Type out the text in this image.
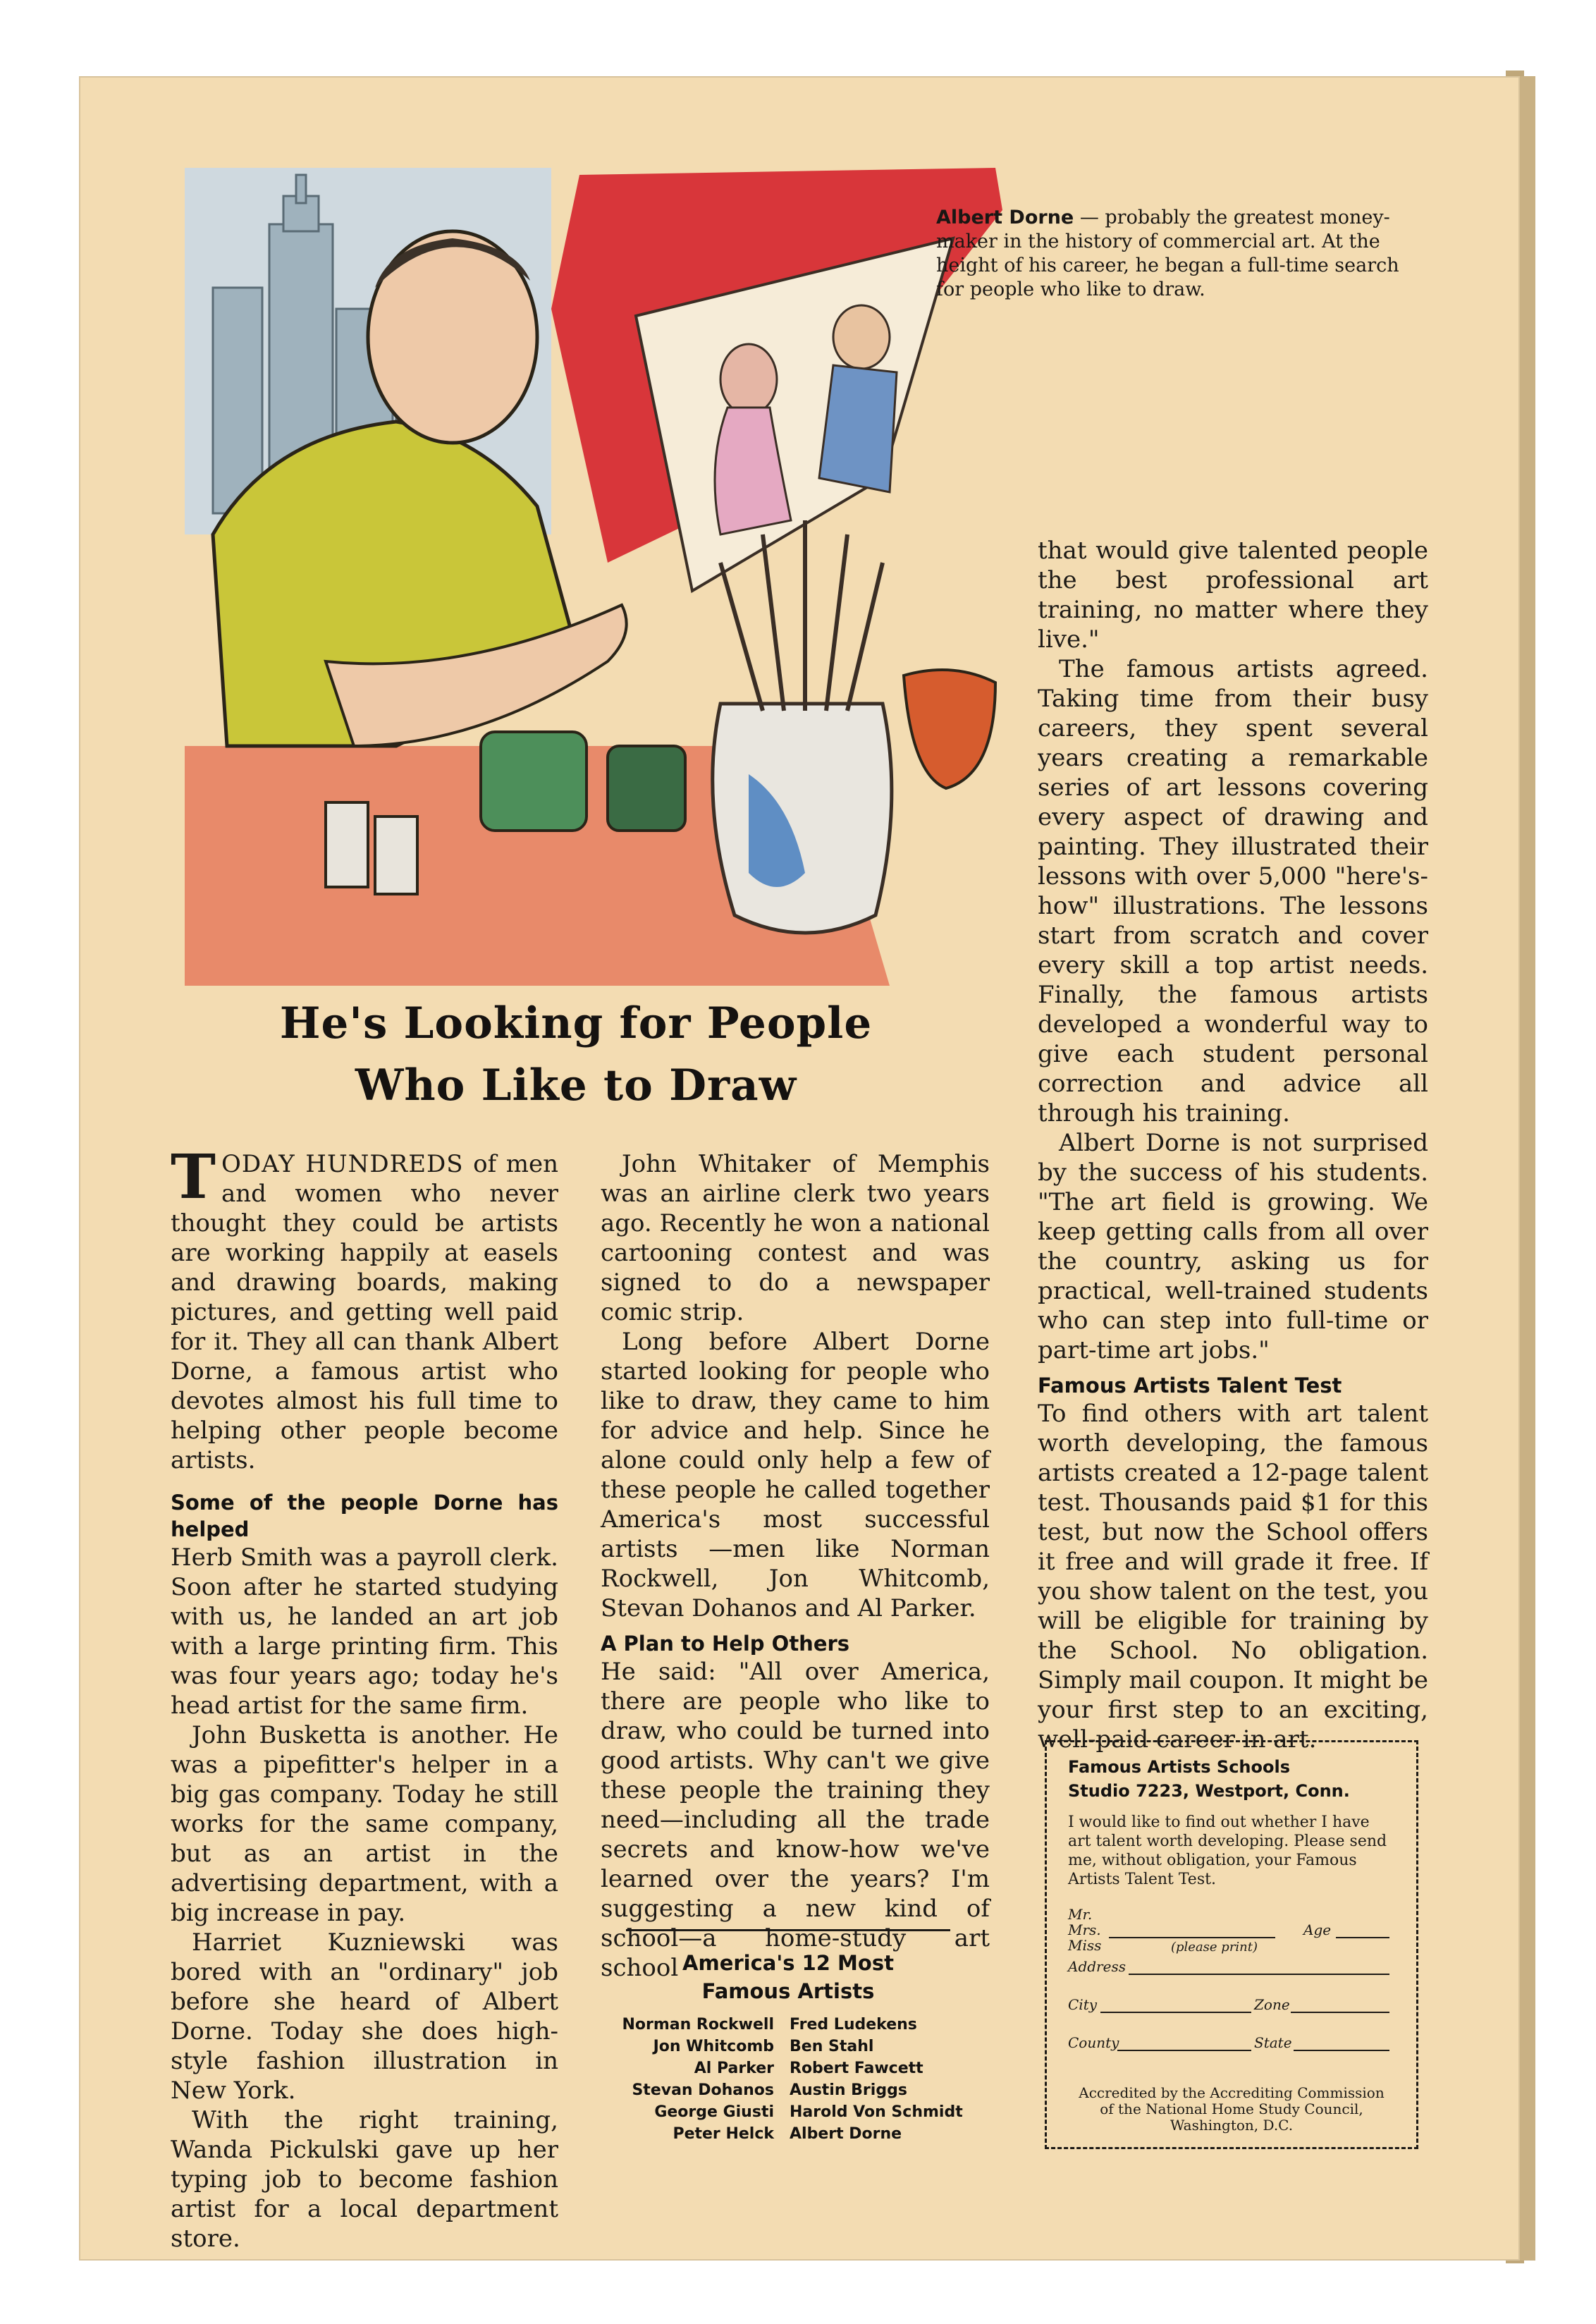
Albert Dorne — probably the greatest money-maker in the history of commercial art. At the height of his career, he began a full-time search for people who like to draw.
He's Looking for People
Who Like to Draw

TODAY HUNDREDS of men and women who never thought they could be artists are working happily at easels and drawing boards, making pictures, and getting well paid for it. They all can thank Albert Dorne, a famous artist who devotes almost his full time to helping other people become artists.

Some of the people Dorne has helped

Herb Smith was a payroll clerk. Soon after he started studying with us, he landed an art job with a large printing firm. This was four years ago; today he's head artist for the same firm.

John Busketta is another. He was a pipefitter's helper in a big gas company. Today he still works for the same company, but as an artist in the advertising department, with a big increase in pay.

Harriet Kuzniewski was bored with an "ordinary" job before she heard of Albert Dorne. Today she does high-style fashion illustration in New York.

With the right training, Wanda Pickulski gave up her typing job to become fashion artist for a local department store.

John Whitaker of Memphis was an airline clerk two years ago. Recently he won a national cartooning contest and was signed to do a newspaper comic strip.

Long before Albert Dorne started looking for people who like to draw, they came to him for advice and help. Since he alone could only help a few of these people he called together America's most successful artists —men like Norman Rockwell, Jon Whitcomb, Stevan Dohanos and Al Parker.

A Plan to Help Others

He said: "All over America, there are people who like to draw, who could be turned into good artists. Why can't we give these people the training they need—including all the trade secrets and know-how we've learned over the years? I'm suggesting a new kind of school—a home-study art school

that would give talented people the best professional art training, no matter where they live."

The famous artists agreed. Taking time from their busy careers, they spent several years creating a remarkable series of art lessons covering every aspect of drawing and painting. They illustrated their lessons with over 5,000 "here's-how" illustrations. The lessons start from scratch and cover every skill a top artist needs. Finally, the famous artists developed a wonderful way to give each student personal correction and advice all through his training.

Albert Dorne is not surprised by the success of his students. "The art field is growing. We keep getting calls from all over the country, asking us for practical, well-trained students who can step into full-time or part-time art jobs."

Famous Artists Talent Test

To find others with art talent worth developing, the famous artists created a 12-page talent test. Thousands paid $1 for this test, but now the School offers it free and will grade it free. If you show talent on the test, you will be eligible for training by the School. No obligation. Simply mail coupon. It might be your first step to an exciting, well-paid career in art.

America's 12 Most
Famous Artists
Norman Rockwell	Fred Ludekens
Jon Whitcomb	Ben Stahl
Al Parker	Robert Fawcett
Stevan Dohanos	Austin Briggs
George Giusti	Harold Von Schmidt
Peter Helck	Albert Dorne
Famous Artists Schools
Studio 7223, Westport, Conn.
I would like to find out whether I have art talent worth developing. Please send me, without obligation, your Famous Artists Talent Test.
Mr.
Mrs.
Miss	(please print)
Age
Address
City	Zone
County	State
Accredited by the Accrediting Commission of the National Home Study Council, Washington, D.C.
